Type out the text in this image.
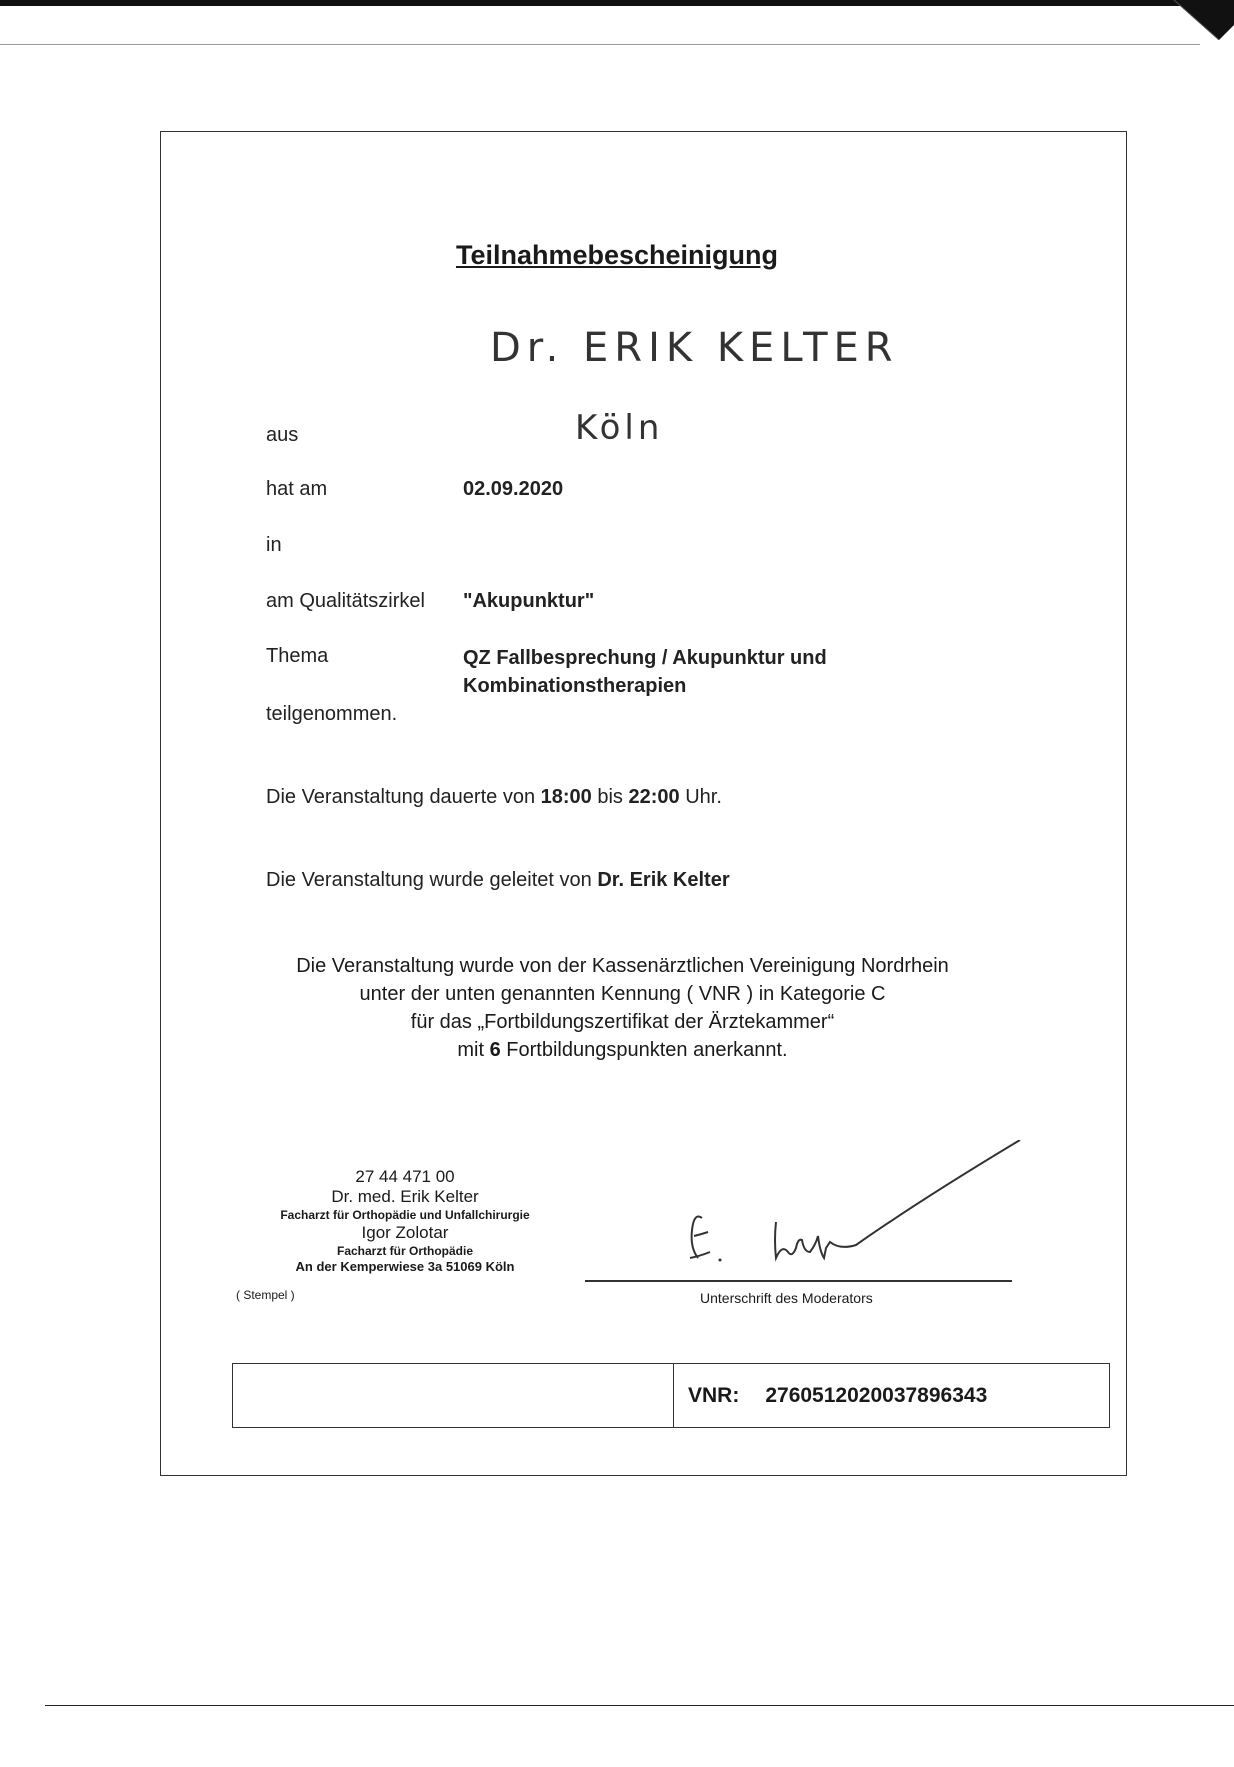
Teilnahmebescheinigung
Dr. ERIK KELTER
aus	Köln
hat am	02.09.2020
in
am Qualitätszirkel "Akupunktur"
Thema	QZ Fallbesprechung / Akupunktur und
Kombinationstherapien
teilgenommen.
Die Veranstaltung dauerte von 18:00 bis 22:00 Uhr.
Die Veranstaltung wurde geleitet von Dr. Erik Kelter
Die Veranstaltung wurde von der Kassenärztlichen Vereinigung Nordrhein
unter der unten genannten Kennung ( VNR ) in Kategorie C
für das „Fortbildungszertifikat der Ärztekammer“
mit 6 Fortbildungspunkten anerkannt.
27 44 471 00
Dr. med. Erik Kelter
Facharzt für Orthopädie und Unfallchirurgie
Igor Zolotar
Facharzt für Orthopädie
An der Kemperwiese 3a 51069 Köln
( Stempel )	Unterschrift des Moderators
VNR: 2760512020037896343
